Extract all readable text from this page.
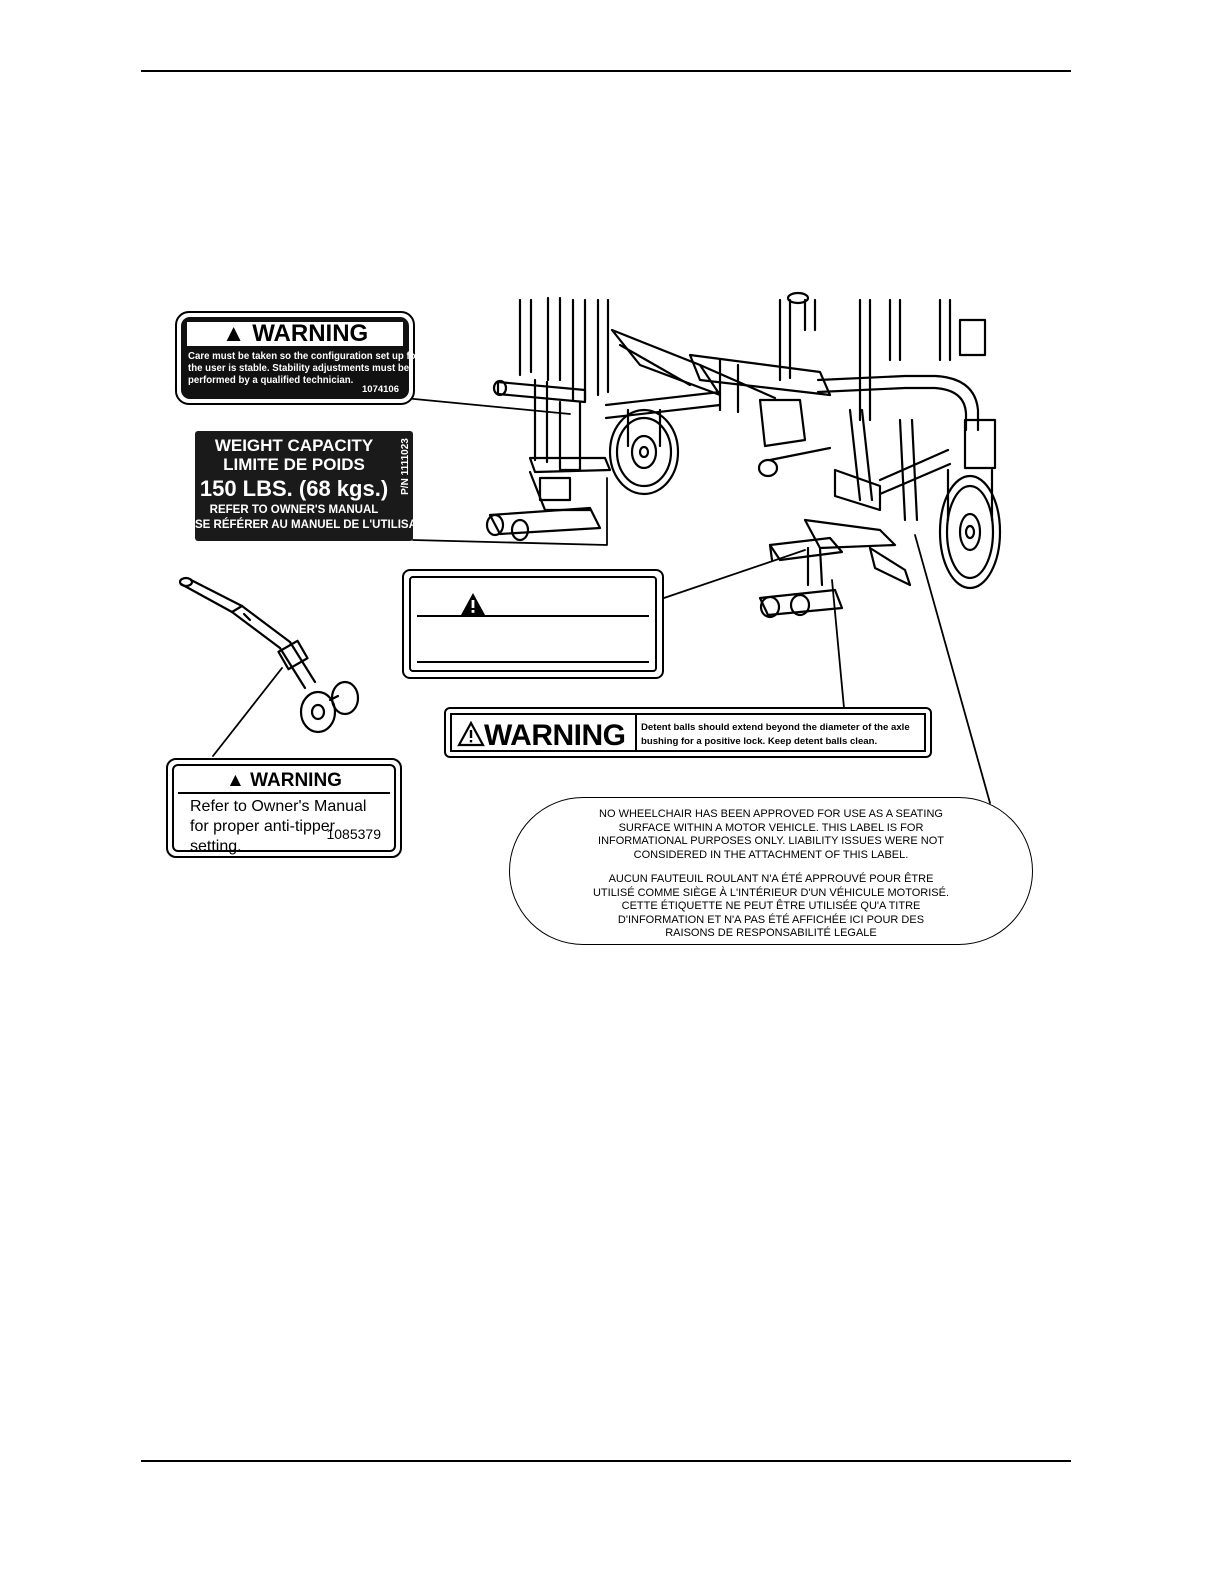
▲ WARNING
Care must be taken so the configuration set up for
the user is stable. Stability adjustments must be
performed by a qualified technician.
1074106
WEIGHT CAPACITY
LIMITE DE POIDS
150 LBS. (68 kgs.)
REFER TO OWNER'S MANUAL
SE RÉFÉRER AU MANUEL DE L'UTILISATEUR
P/N 1111023
WARNING Detent balls should extend beyond the diameter of the axle
bushing for a positive lock. Keep detent balls clean.
▲ WARNING
Refer to Owner's Manual
for proper anti-tipper
setting.
1085379
NO WHEELCHAIR HAS BEEN APPROVED FOR USE AS A SEATING
SURFACE WITHIN A MOTOR VEHICLE. THIS LABEL IS FOR
INFORMATIONAL PURPOSES ONLY. LIABILITY ISSUES WERE NOT
CONSIDERED IN THE ATTACHMENT OF THIS LABEL.
AUCUN FAUTEUIL ROULANT N'A ÉTÉ APPROUVÉ POUR ÊTRE
UTILISÉ COMME SIÈGE À L'INTÉRIEUR D'UN VÉHICULE MOTORISÉ.
CETTE ÉTIQUETTE NE PEUT ÊTRE UTILISÉE QU'A TITRE
D'INFORMATION ET N'A PAS ÉTÉ AFFICHÉE ICI POUR DES
RAISONS DE RESPONSABILITÉ LEGALE
